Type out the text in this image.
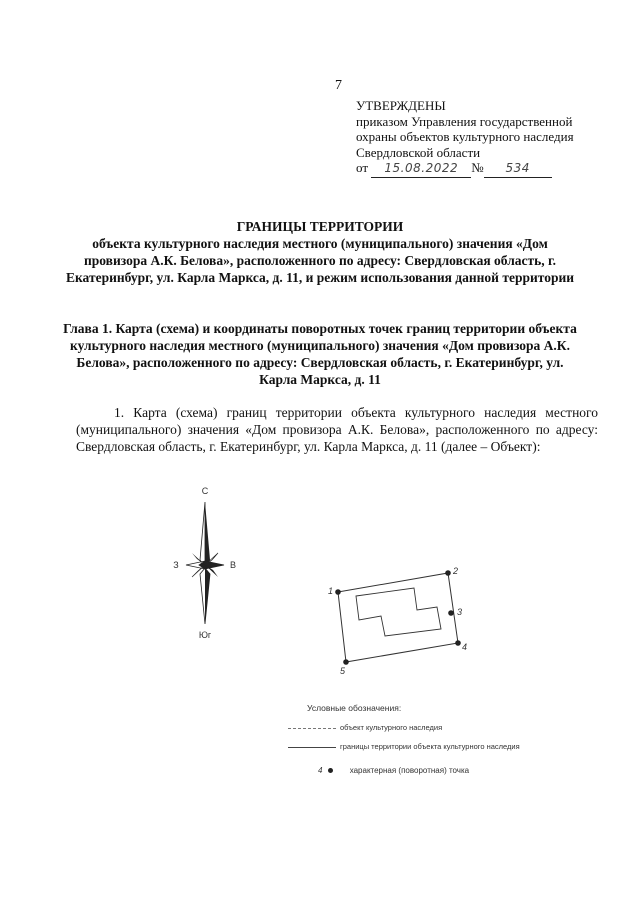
7
УТВЕРЖДЕНЫ
приказом Управления государственной
охраны объектов культурного наследия
Свердловской области
от 15.08.2022 № 534
ГРАНИЦЫ ТЕРРИТОРИИ
объекта культурного наследия местного (муниципального) значения «Дом провизора А.К. Белова», расположенного по адресу: Свердловская область, г. Екатеринбург, ул. Карла Маркса, д. 11, и режим использования данной территории
Глава 1. Карта (схема) и координаты поворотных точек границ территории объекта культурного наследия местного (муниципального) значения «Дом провизора А.К. Белова», расположенного по адресу: Свердловская область, г. Екатеринбург, ул. Карла Маркса, д. 11
1. Карта (схема) границ территории объекта культурного наследия местного (муниципального) значения «Дом провизора А.К. Белова», расположенного по адресу: Свердловская область, г. Екатеринбург, ул. Карла Маркса, д. 11 (далее – Объект):
С
Юг
З	В
1
2
3
4
5
Условные обозначения:
объект культурного наследия
границы территории объекта культурного наследия
4	характерная (поворотная) точка
